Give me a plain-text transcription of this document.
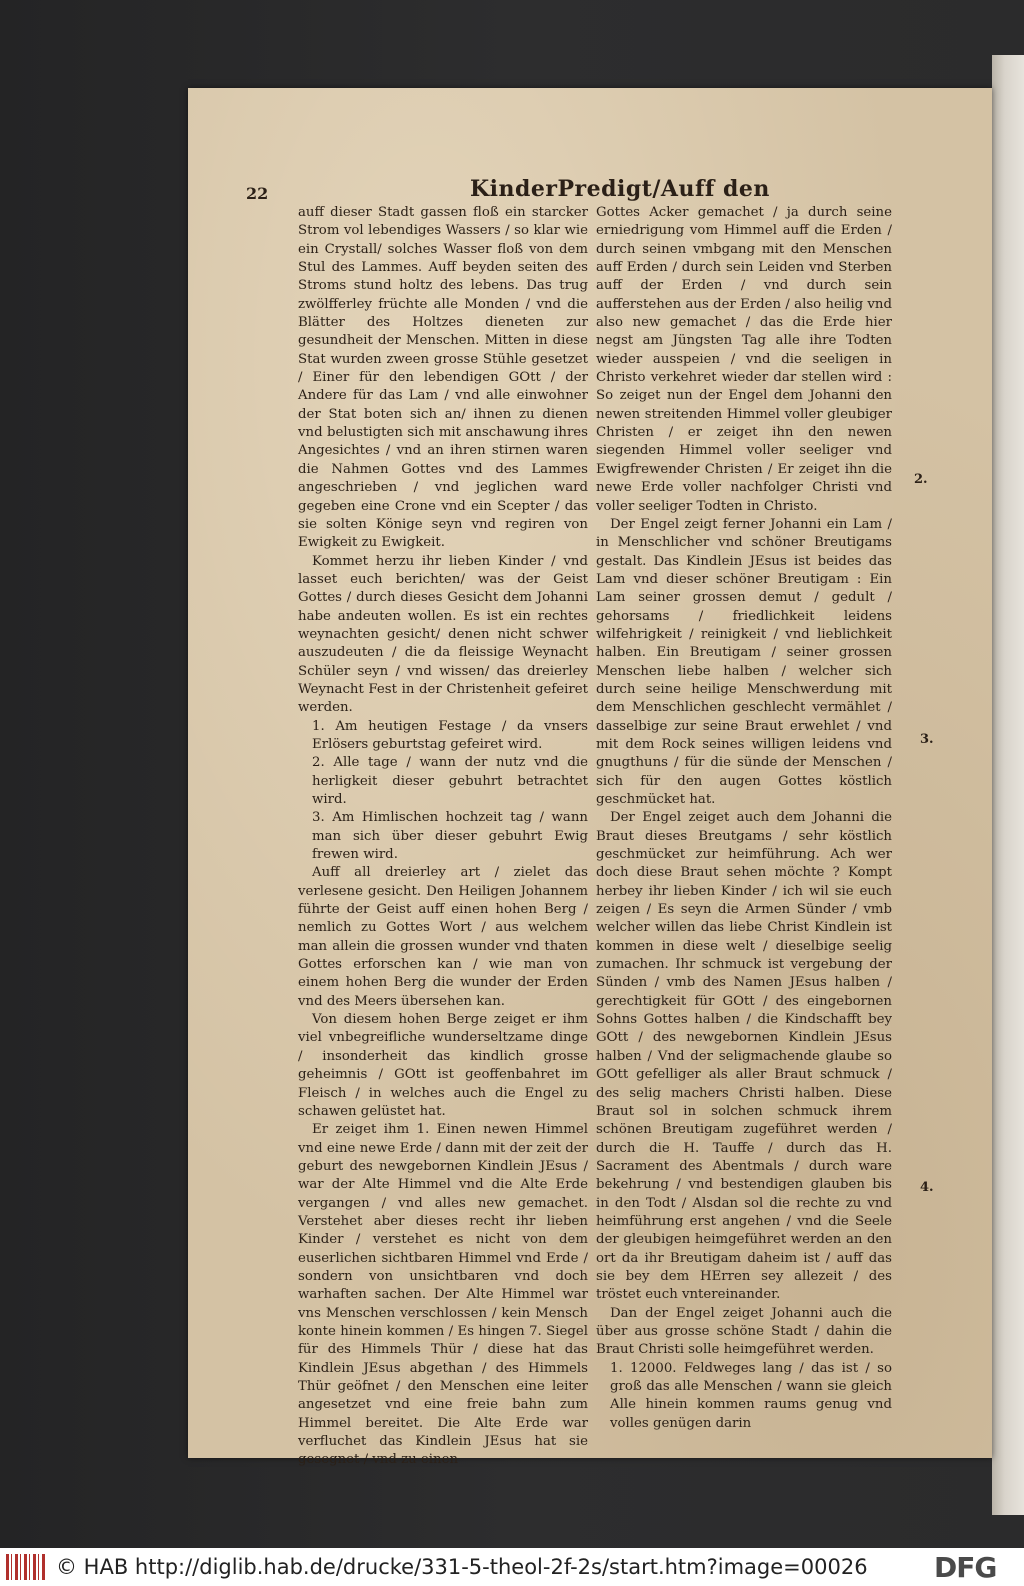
22	KinderPredigt/Auff den

auff dieser Stadt gassen floß ein starcker Strom vol lebendiges Wassers / so klar wie ein Crystall/ solches Wasser floß von dem Stul des Lammes. Auff beyden seiten des Stroms stund holtz des lebens. Das trug zwölfferley früchte alle Monden / vnd die Blätter des Holtzes dieneten zur gesundheit der Menschen. Mitten in diese Stat wurden zween grosse Stühle gesetzet / Einer für den lebendigen GOtt / der Andere für das Lam / vnd alle einwohner der Stat boten sich an/ ihnen zu dienen vnd belustigten sich mit anschawung ihres Angesichtes / vnd an ihren stirnen waren die Nahmen Gottes vnd des Lammes angeschrieben / vnd jeglichen ward gegeben eine Crone vnd ein Scepter / das sie solten Könige seyn vnd regiren von Ewigkeit zu Ewigkeit.

Kommet herzu ihr lieben Kinder / vnd lasset euch berichten/ was der Geist Gottes / durch dieses Gesicht dem Johanni habe andeuten wollen. Es ist ein rechtes weynachten gesicht/ denen nicht schwer auszudeuten / die da fleissige Weynacht Schüler seyn / vnd wissen/ das dreierley Weynacht Fest in der Christenheit gefeiret werden.

1. Am heutigen Festage / da vnsers Erlösers geburtstag gefeiret wird.

2. Alle tage / wann der nutz vnd die herligkeit dieser gebuhrt betrachtet wird.

3. Am Himlischen hochzeit tag / wann man sich über dieser gebuhrt Ewig frewen wird.

Auff all dreierley art / zielet das verlesene gesicht. Den Heiligen Johannem führte der Geist auff einen hohen Berg / nemlich zu Gottes Wort / aus welchem man allein die grossen wunder vnd thaten Gottes erforschen kan / wie man von einem hohen Berg die wunder der Erden vnd des Meers übersehen kan.

Von diesem hohen Berge zeiget er ihm viel vnbegreifliche wunderseltzame dinge / insonderheit das kindlich grosse geheimnis / GOtt ist geoffenbahret im Fleisch / in welches auch die Engel zu schawen gelüstet hat.

Er zeiget ihm 1. Einen newen Himmel vnd eine newe Erde / dann mit der zeit der geburt des newgebornen Kindlein JEsus / war der Alte Himmel vnd die Alte Erde vergangen / vnd alles new gemachet. Verstehet aber dieses recht ihr lieben Kinder / verstehet es nicht von dem euserlichen sichtbaren Himmel vnd Erde / sondern von unsichtbaren vnd doch warhaften sachen. Der Alte Himmel war vns Menschen verschlossen / kein Mensch konte hinein kommen / Es hingen 7. Siegel für des Himmels Thür / diese hat das Kindlein JEsus abgethan / des Himmels Thür geöfnet / den Menschen eine leiter angesetzet vnd eine freie bahn zum Himmel bereitet. Die Alte Erde war verfluchet das Kindlein JEsus hat sie gesegnet / vnd zu einen

Gottes Acker gemachet / ja durch seine erniedrigung vom Himmel auff die Erden / durch seinen vmbgang mit den Menschen auff Erden / durch sein Leiden vnd Sterben auff der Erden / vnd durch sein aufferstehen aus der Erden / also heilig vnd also new gemachet / das die Erde hier negst am Jüngsten Tag alle ihre Todten wieder ausspeien / vnd die seeligen in Christo verkehret wieder dar stellen wird : So zeiget nun der Engel dem Johanni den newen streitenden Himmel voller gleubiger Christen / er zeiget ihn den newen siegenden Himmel voller seeliger vnd Ewigfrewender Christen / Er zeiget ihn die newe Erde voller nachfolger Christi vnd voller seeliger Todten in Christo.

Der Engel zeigt ferner Johanni ein Lam / in Menschlicher vnd schöner Breutigams gestalt. Das Kindlein JEsus ist beides das Lam vnd dieser schöner Breutigam : Ein Lam seiner grossen demut / gedult / gehorsams / friedlichkeit leidens wilfehrigkeit / reinigkeit / vnd lieblichkeit halben. Ein Breutigam / seiner grossen Menschen liebe halben / welcher sich durch seine heilige Menschwerdung mit dem Menschlichen geschlecht vermählet / dasselbige zur seine Braut erwehlet / vnd mit dem Rock seines willigen leidens vnd gnugthuns / für die sünde der Menschen / sich für den augen Gottes köstlich geschmücket hat.

Der Engel zeiget auch dem Johanni die Braut dieses Breutgams / sehr köstlich geschmücket zur heimführung. Ach wer doch diese Braut sehen möchte ? Kompt herbey ihr lieben Kinder / ich wil sie euch zeigen / Es seyn die Armen Sünder / vmb welcher willen das liebe Christ Kindlein ist kommen in diese welt / dieselbige seelig zumachen. Ihr schmuck ist vergebung der Sünden / vmb des Namen JEsus halben / gerechtigkeit für GOtt / des eingebornen Sohns Gottes halben / die Kindschafft bey GOtt / des newgebornen Kindlein JEsus halben / Vnd der seligmachende glaube so GOtt gefelliger als aller Braut schmuck / des selig machers Christi halben. Diese Braut sol in solchen schmuck ihrem schönen Breutigam zugeführet werden / durch die H. Tauffe / durch das H. Sacrament des Abentmals / durch ware bekehrung / vnd bestendigen glauben bis in den Todt / Alsdan sol die rechte zu vnd heimführung erst angehen / vnd die Seele der gleubigen heimgeführet werden an den ort da ihr Breutigam daheim ist / auff das sie bey dem HErren sey allezeit / des tröstet euch vntereinander.

Dan der Engel zeiget Johanni auch die über aus grosse schöne Stadt / dahin die Braut Christi solle heimgeführet werden.

1. 12000. Feldweges lang / das ist / so groß das alle Menschen / wann sie gleich Alle hinein kommen raums genug vnd volles genügen darin

2.
3.
4.
© HAB http://diglib.hab.de/drucke/331-5-theol-2f-2s/start.htm?image=00026 DFG
